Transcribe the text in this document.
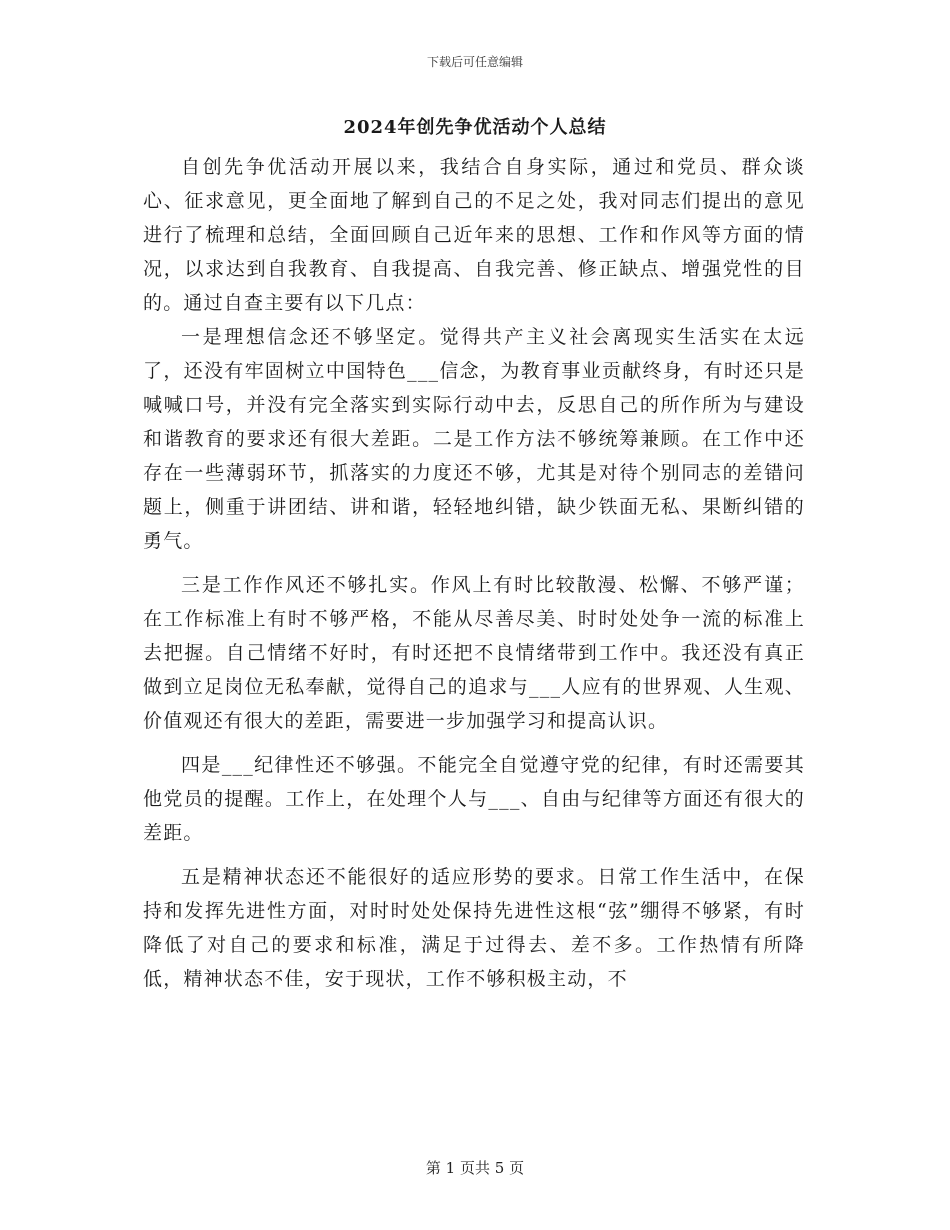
下载后可任意编辑
2024年创先争优活动个人总结

自创先争优活动开展以来，我结合自身实际，通过和党员、群众谈心、征求意见，更全面地了解到自己的不足之处，我对同志们提出的意见进行了梳理和总结，全面回顾自己近年来的思想、工作和作风等方面的情况，以求达到自我教育、自我提高、自我完善、修正缺点、增强党性的目的。通过自查主要有以下几点：

一是理想信念还不够坚定。觉得共产主义社会离现实生活实在太远了，还没有牢固树立中国特色___信念，为教育事业贡献终身，有时还只是喊喊口号，并没有完全落实到实际行动中去，反思自己的所作所为与建设和谐教育的要求还有很大差距。二是工作方法不够统筹兼顾。在工作中还存在一些薄弱环节，抓落实的力度还不够，尤其是对待个别同志的差错问题上，侧重于讲团结、讲和谐，轻轻地纠错，缺少铁面无私、果断纠错的勇气。

三是工作作风还不够扎实。作风上有时比较散漫、松懈、不够严谨；在工作标准上有时不够严格，不能从尽善尽美、时时处处争一流的标准上去把握。自己情绪不好时，有时还把不良情绪带到工作中。我还没有真正做到立足岗位无私奉献，觉得自己的追求与___人应有的世界观、人生观、价值观还有很大的差距，需要进一步加强学习和提高认识。

四是___纪律性还不够强。不能完全自觉遵守党的纪律，有时还需要其他党员的提醒。工作上，在处理个人与___、自由与纪律等方面还有很大的差距。

五是精神状态还不能很好的适应形势的要求。日常工作生活中，在保持和发挥先进性方面，对时时处处保持先进性这根“弦”绷得不够紧，有时降低了对自己的要求和标准，满足于过得去、差不多。工作热情有所降低，精神状态不佳，安于现状，工作不够积极主动，不

第 1 页共 5 页
